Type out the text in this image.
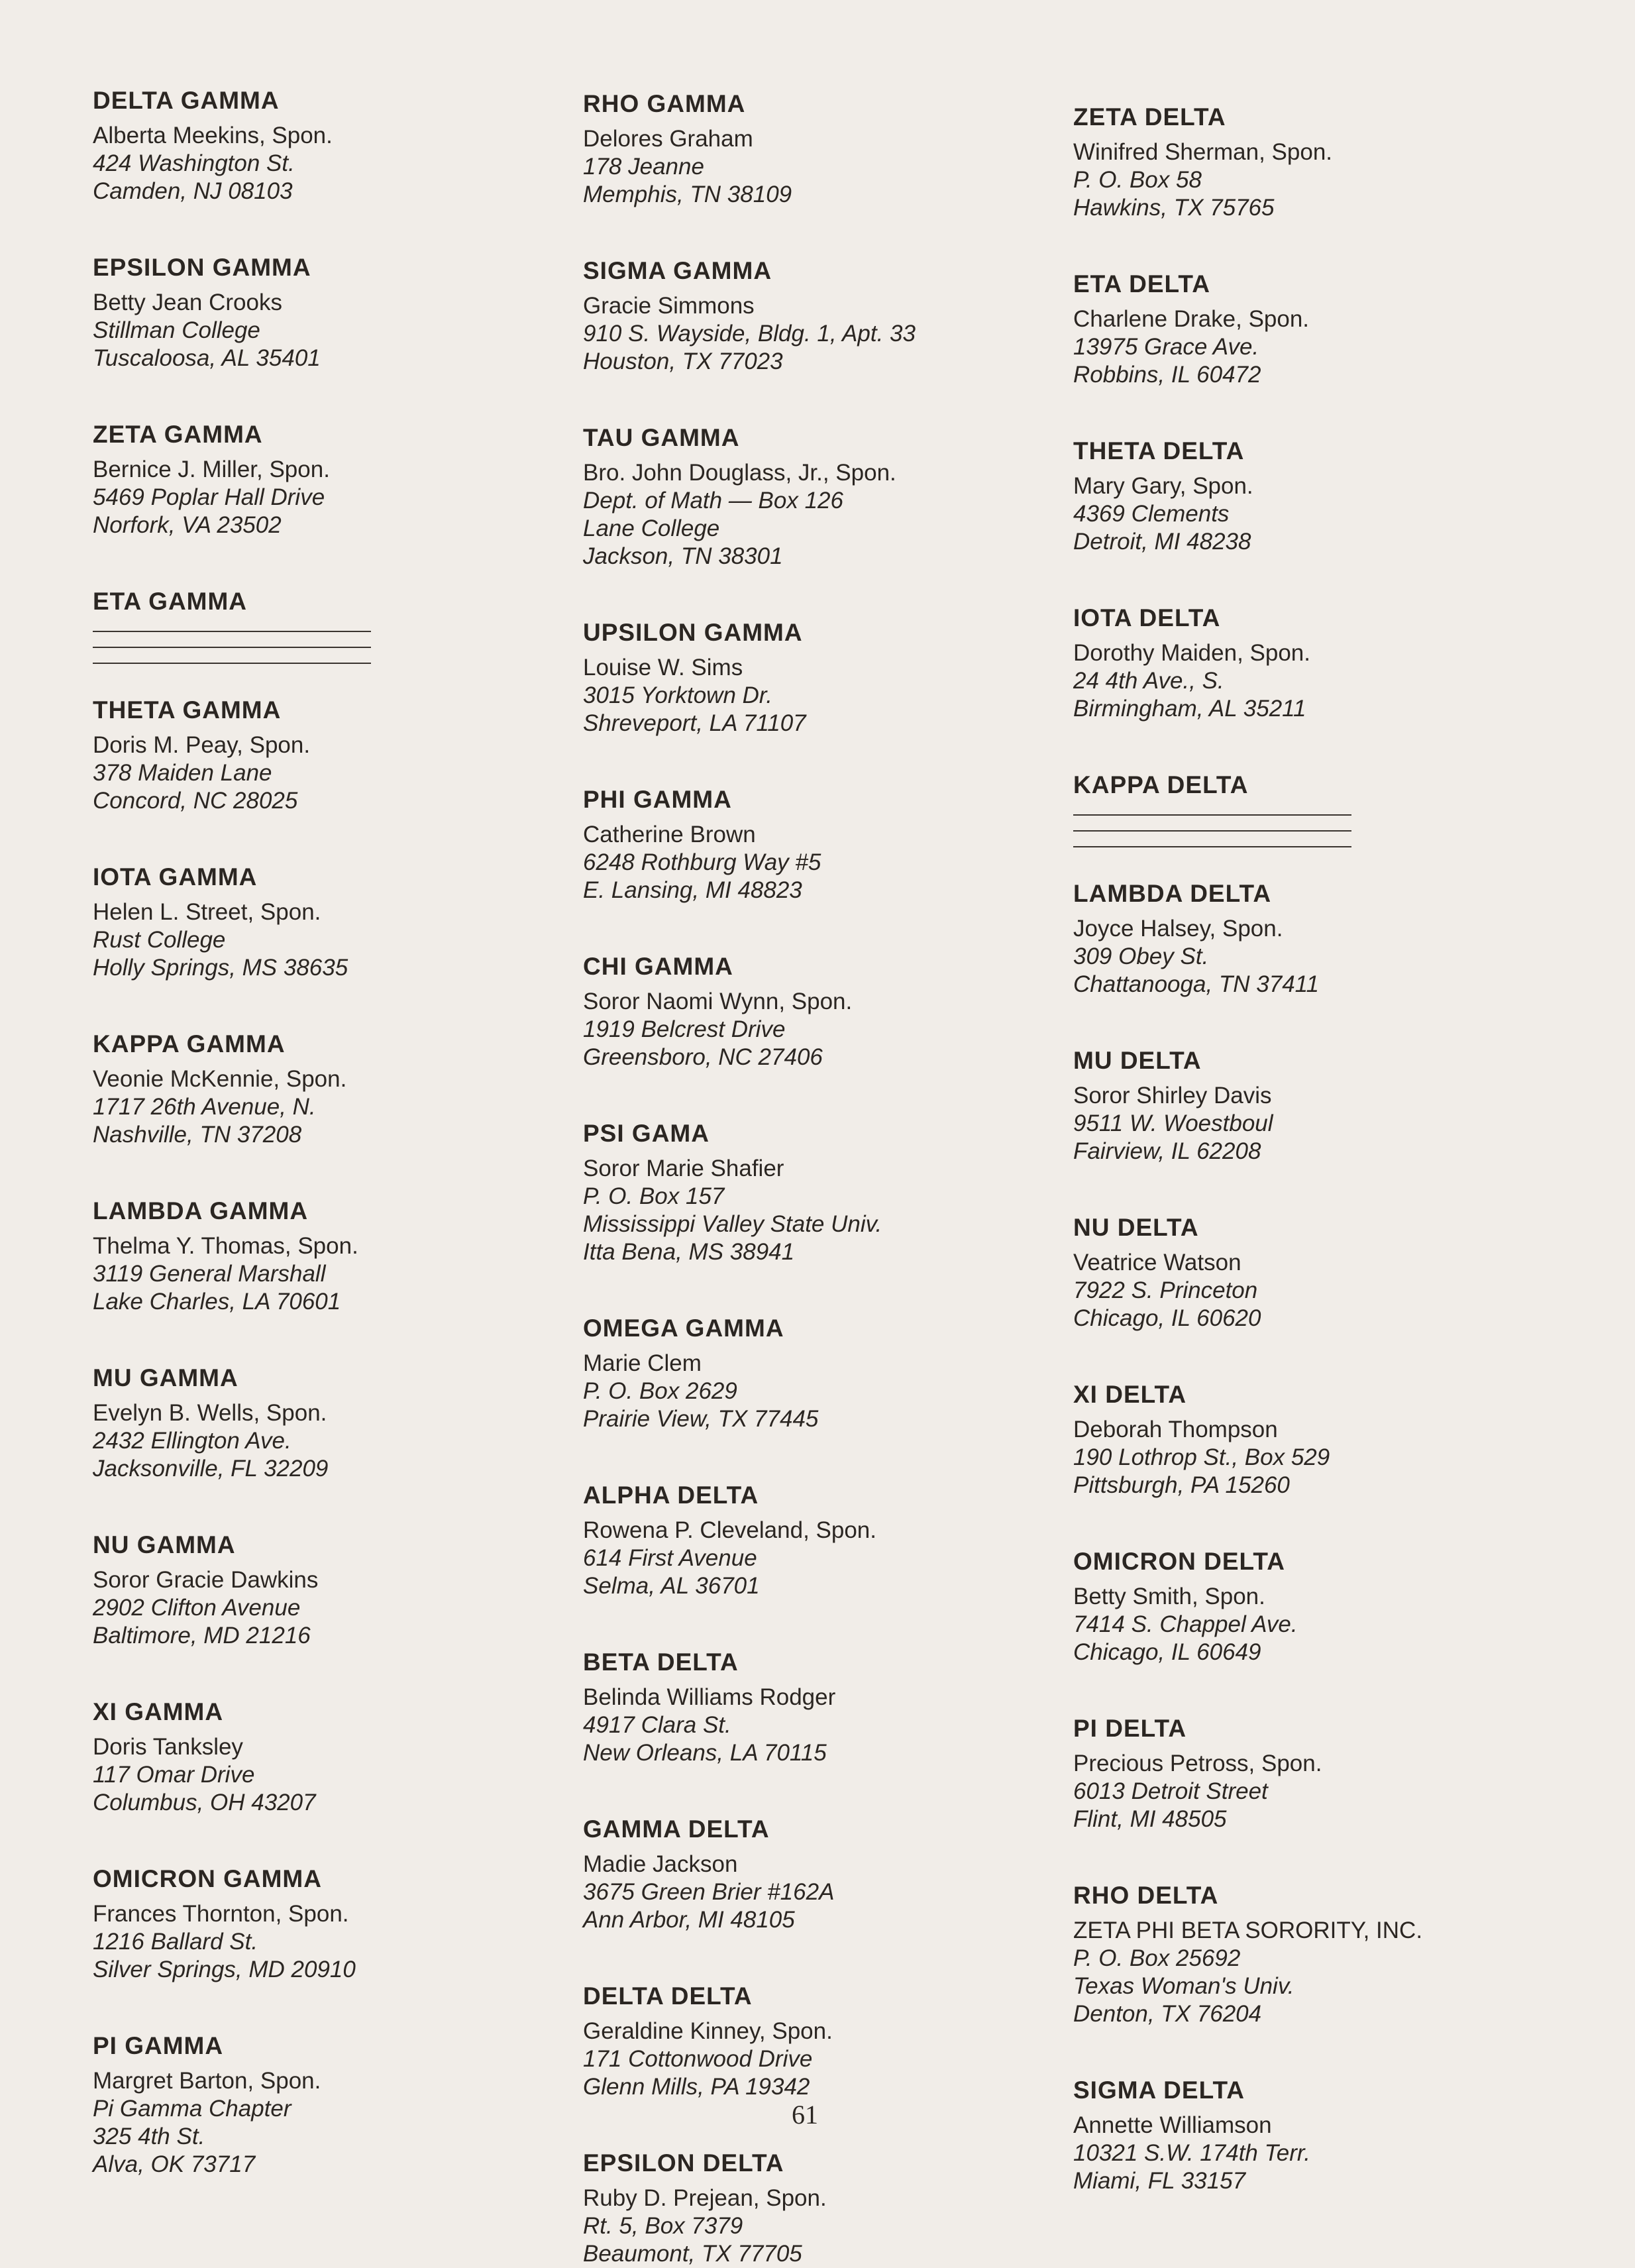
DELTA GAMMA
Alberta Meekins, Spon.
424 Washington St.
Camden, NJ 08103
EPSILON GAMMA
Betty Jean Crooks
Stillman College
Tuscaloosa, AL 35401
ZETA GAMMA
Bernice J. Miller, Spon.
5469 Poplar Hall Drive
Norfork, VA 23502
ETA GAMMA
THETA GAMMA
Doris M. Peay, Spon.
378 Maiden Lane
Concord, NC 28025
IOTA GAMMA
Helen L. Street, Spon.
Rust College
Holly Springs, MS 38635
KAPPA GAMMA
Veonie McKennie, Spon.
1717 26th Avenue, N.
Nashville, TN 37208
LAMBDA GAMMA
Thelma Y. Thomas, Spon.
3119 General Marshall
Lake Charles, LA 70601
MU GAMMA
Evelyn B. Wells, Spon.
2432 Ellington Ave.
Jacksonville, FL 32209
NU GAMMA
Soror Gracie Dawkins
2902 Clifton Avenue
Baltimore, MD 21216
XI GAMMA
Doris Tanksley
117 Omar Drive
Columbus, OH 43207
OMICRON GAMMA
Frances Thornton, Spon.
1216 Ballard St.
Silver Springs, MD 20910
PI GAMMA
Margret Barton, Spon.
Pi Gamma Chapter
325 4th St.
Alva, OK 73717
RHO GAMMA
Delores Graham
178 Jeanne
Memphis, TN 38109
SIGMA GAMMA
Gracie Simmons
910 S. Wayside, Bldg. 1, Apt. 33
Houston, TX 77023
TAU GAMMA
Bro. John Douglass, Jr., Spon.
Dept. of Math — Box 126
Lane College
Jackson, TN 38301
UPSILON GAMMA
Louise W. Sims
3015 Yorktown Dr.
Shreveport, LA 71107
PHI GAMMA
Catherine Brown
6248 Rothburg Way #5
E. Lansing, MI 48823
CHI GAMMA
Soror Naomi Wynn, Spon.
1919 Belcrest Drive
Greensboro, NC 27406
PSI GAMA
Soror Marie Shafier
P. O. Box 157
Mississippi Valley State Univ.
Itta Bena, MS 38941
OMEGA GAMMA
Marie Clem
P. O. Box 2629
Prairie View, TX 77445
ALPHA DELTA
Rowena P. Cleveland, Spon.
614 First Avenue
Selma, AL 36701
BETA DELTA
Belinda Williams Rodger
4917 Clara St.
New Orleans, LA 70115
GAMMA DELTA
Madie Jackson
3675 Green Brier #162A
Ann Arbor, MI 48105
DELTA DELTA
Geraldine Kinney, Spon.
171 Cottonwood Drive
Glenn Mills, PA 19342
EPSILON DELTA
Ruby D. Prejean, Spon.
Rt. 5, Box 7379
Beaumont, TX 77705
ZETA DELTA
Winifred Sherman, Spon.
P. O. Box 58
Hawkins, TX 75765
ETA DELTA
Charlene Drake, Spon.
13975 Grace Ave.
Robbins, IL 60472
THETA DELTA
Mary Gary, Spon.
4369 Clements
Detroit, MI 48238
IOTA DELTA
Dorothy Maiden, Spon.
24 4th Ave., S.
Birmingham, AL 35211
KAPPA DELTA
LAMBDA DELTA
Joyce Halsey, Spon.
309 Obey St.
Chattanooga, TN 37411
MU DELTA
Soror Shirley Davis
9511 W. Woestboul
Fairview, IL 62208
NU DELTA
Veatrice Watson
7922 S. Princeton
Chicago, IL 60620
XI DELTA
Deborah Thompson
190 Lothrop St., Box 529
Pittsburgh, PA 15260
OMICRON DELTA
Betty Smith, Spon.
7414 S. Chappel Ave.
Chicago, IL 60649
PI DELTA
Precious Petross, Spon.
6013 Detroit Street
Flint, MI 48505
RHO DELTA
ZETA PHI BETA SORORITY, INC.
P. O. Box 25692
Texas Woman's Univ.
Denton, TX 76204
SIGMA DELTA
Annette Williamson
10321 S.W. 174th Terr.
Miami, FL 33157
61
